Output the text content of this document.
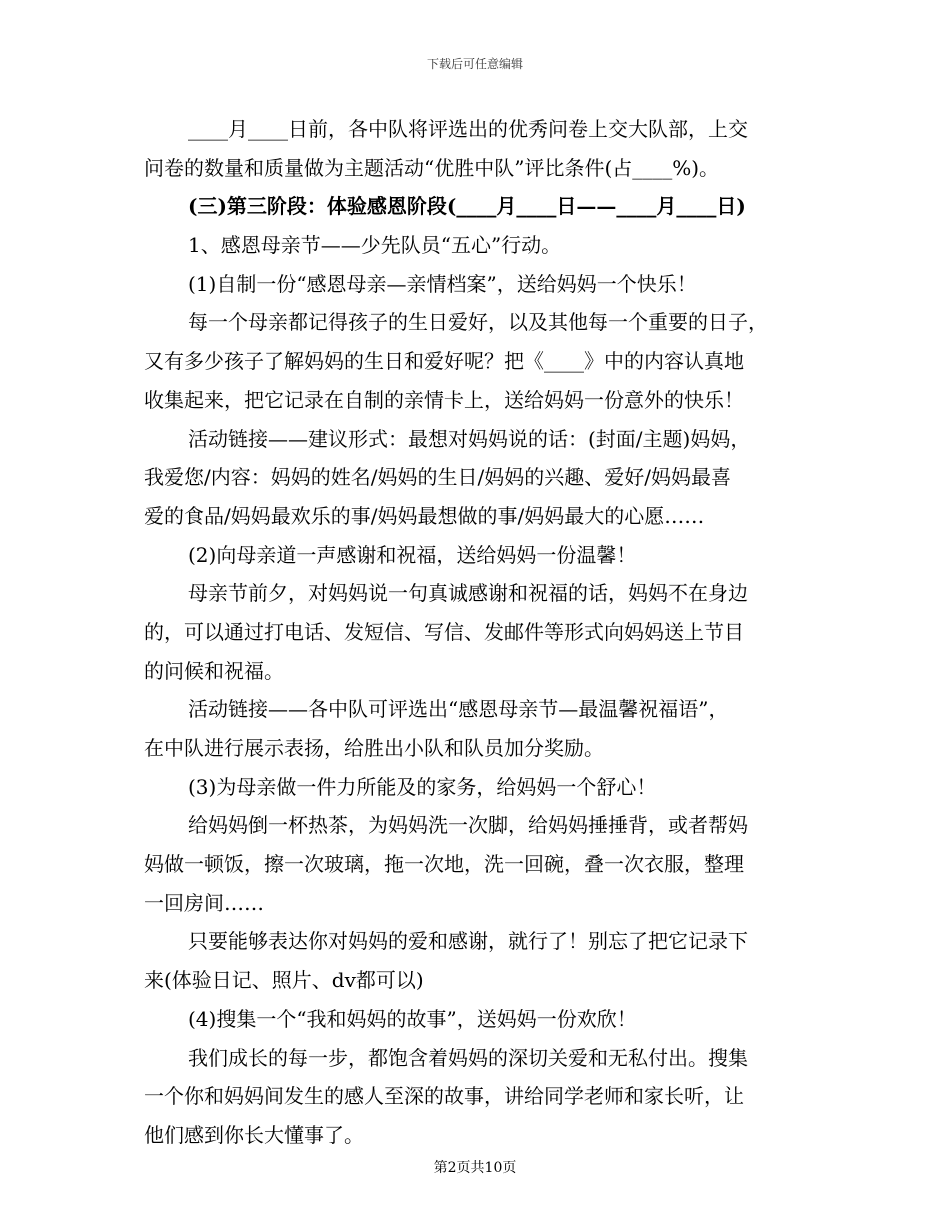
下载后可任意编辑
____月____日前，各中队将评选出的优秀问卷上交大队部，上交
问卷的数量和质量做为主题活动“优胜中队”评比条件(占____%)。
(三)第三阶段：体验感恩阶段(____月____日——____月____日)
1、感恩母亲节——少先队员“五心”行动。
(1)自制一份“感恩母亲—亲情档案”，送给妈妈一个快乐！
每一个母亲都记得孩子的生日爱好，以及其他每一个重要的日子，
又有多少孩子了解妈妈的生日和爱好呢？把《____》中的内容认真地
收集起来，把它记录在自制的亲情卡上，送给妈妈一份意外的快乐！
活动链接——建议形式：最想对妈妈说的话：(封面/主题)妈妈，
我爱您/内容：妈妈的姓名/妈妈的生日/妈妈的兴趣、爱好/妈妈最喜
爱的食品/妈妈最欢乐的事/妈妈最想做的事/妈妈最大的心愿……
(2)向母亲道一声感谢和祝福，送给妈妈一份温馨！
母亲节前夕，对妈妈说一句真诚感谢和祝福的话，妈妈不在身边
的，可以通过打电话、发短信、写信、发邮件等形式向妈妈送上节目
的问候和祝福。
活动链接——各中队可评选出“感恩母亲节—最温馨祝福语”，
在中队进行展示表扬，给胜出小队和队员加分奖励。
(3)为母亲做一件力所能及的家务，给妈妈一个舒心！
给妈妈倒一杯热茶，为妈妈洗一次脚，给妈妈捶捶背，或者帮妈
妈做一顿饭，擦一次玻璃，拖一次地，洗一回碗，叠一次衣服，整理
一回房间……
只要能够表达你对妈妈的爱和感谢，就行了！别忘了把它记录下
来(体验日记、照片、dv都可以)
(4)搜集一个“我和妈妈的故事”，送妈妈一份欢欣！
我们成长的每一步，都饱含着妈妈的深切关爱和无私付出。搜集
一个你和妈妈间发生的感人至深的故事，讲给同学老师和家长听，让
他们感到你长大懂事了。
第2页共10页
